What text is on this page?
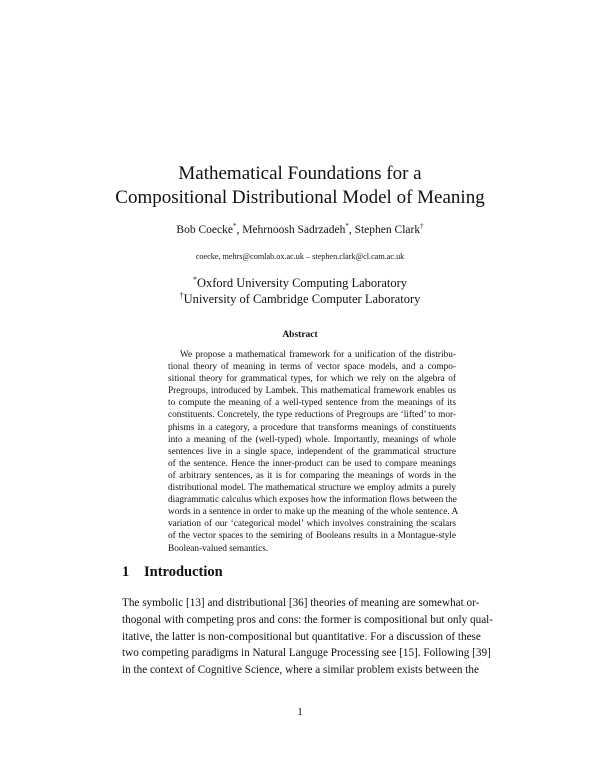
Mathematical Foundations for a
Compositional Distributional Model of Meaning
Bob Coecke*, Mehrnoosh Sadrzadeh*, Stephen Clark†
coecke, mehrs@comlab.ox.ac.uk – stephen.clark@cl.cam.ac.uk
*Oxford University Computing Laboratory
†University of Cambridge Computer Laboratory
Abstract
We propose a mathematical framework for a unification of the distribu-
tional theory of meaning in terms of vector space models, and a compo-
sitional theory for grammatical types, for which we rely on the algebra of
Pregroups, introduced by Lambek. This mathematical framework enables us
to compute the meaning of a well-typed sentence from the meanings of its
constituents. Concretely, the type reductions of Pregroups are ‘lifted’ to mor-
phisms in a category, a procedure that transforms meanings of constituents
into a meaning of the (well-typed) whole. Importantly, meanings of whole
sentences live in a single space, independent of the grammatical structure
of the sentence. Hence the inner-product can be used to compare meanings
of arbitrary sentences, as it is for comparing the meanings of words in the
distributional model. The mathematical structure we employ admits a purely
diagrammatic calculus which exposes how the information flows between the
words in a sentence in order to make up the meaning of the whole sentence. A
variation of our ‘categorical model’ which involves constraining the scalars
of the vector spaces to the semiring of Booleans results in a Montague-style
Boolean-valued semantics.
1 Introduction
The symbolic [13] and distributional [36] theories of meaning are somewhat or-
thogonal with competing pros and cons: the former is compositional but only qual-
itative, the latter is non-compositional but quantitative. For a discussion of these
two competing paradigms in Natural Languge Processing see [15]. Following [39]
in the context of Cognitive Science, where a similar problem exists between the
1
